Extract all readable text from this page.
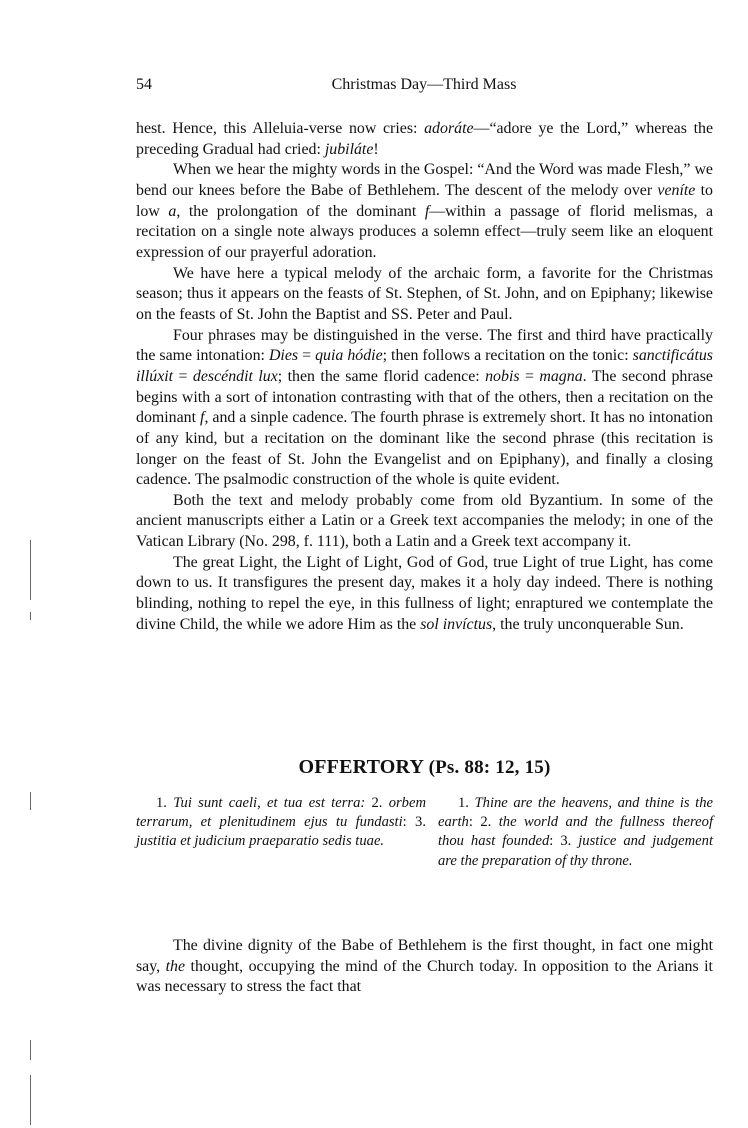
54	Christmas Day—Third Mass

hest. Hence, this Alleluia-verse now cries: adoráte—“adore ye the Lord,” whereas the preceding Gradual had cried: jubiláte!

When we hear the mighty words in the Gospel: “And the Word was made Flesh,” we bend our knees before the Babe of Bethlehem. The descent of the melody over veníte to low a, the prolongation of the dominant f—within a passage of florid melismas, a recitation on a single note always produces a solemn effect—truly seem like an eloquent expression of our prayerful adoration.

We have here a typical melody of the archaic form, a favorite for the Christmas season; thus it appears on the feasts of St. Stephen, of St. John, and on Epiphany; likewise on the feasts of St. John the Baptist and SS. Peter and Paul.

Four phrases may be distinguished in the verse. The first and third have practically the same intonation: Dies = quia hódie; then follows a recitation on the tonic: sanctificátus illúxit = descéndit lux; then the same florid cadence: nobis = magna. The second phrase begins with a sort of intonation contrasting with that of the others, then a recitation on the dominant f, and a sinple cadence. The fourth phrase is extremely short. It has no intonation of any kind, but a recitation on the dominant like the second phrase (this recitation is longer on the feast of St. John the Evangelist and on Epiphany), and finally a closing cadence. The psalmodic construction of the whole is quite evident.

Both the text and melody probably come from old Byzantium. In some of the ancient manuscripts either a Latin or a Greek text accompanies the melody; in one of the Vatican Library (No. 298, f. 111), both a Latin and a Greek text accompany it.

The great Light, the Light of Light, God of God, true Light of true Light, has come down to us. It transfigures the present day, makes it a holy day indeed. There is nothing blinding, nothing to repel the eye, in this fullness of light; enraptured we contemplate the divine Child, the while we adore Him as the sol invíctus, the truly unconquerable Sun.

OFFERTORY (Ps. 88: 12, 15)

1. Tui sunt caeli, et tua est terra: 2. orbem terrarum, et plenitudinem ejus tu fundasti: 3. justitia et judicium praeparatio sedis tuae.

1. Thine are the heavens, and thine is the earth: 2. the world and the fullness thereof thou hast founded: 3. justice and judgement are the preparation of thy throne.

The divine dignity of the Babe of Bethlehem is the first thought, in fact one might say, the thought, occupying the mind of the Church today. In opposition to the Arians it was necessary to stress the fact that
